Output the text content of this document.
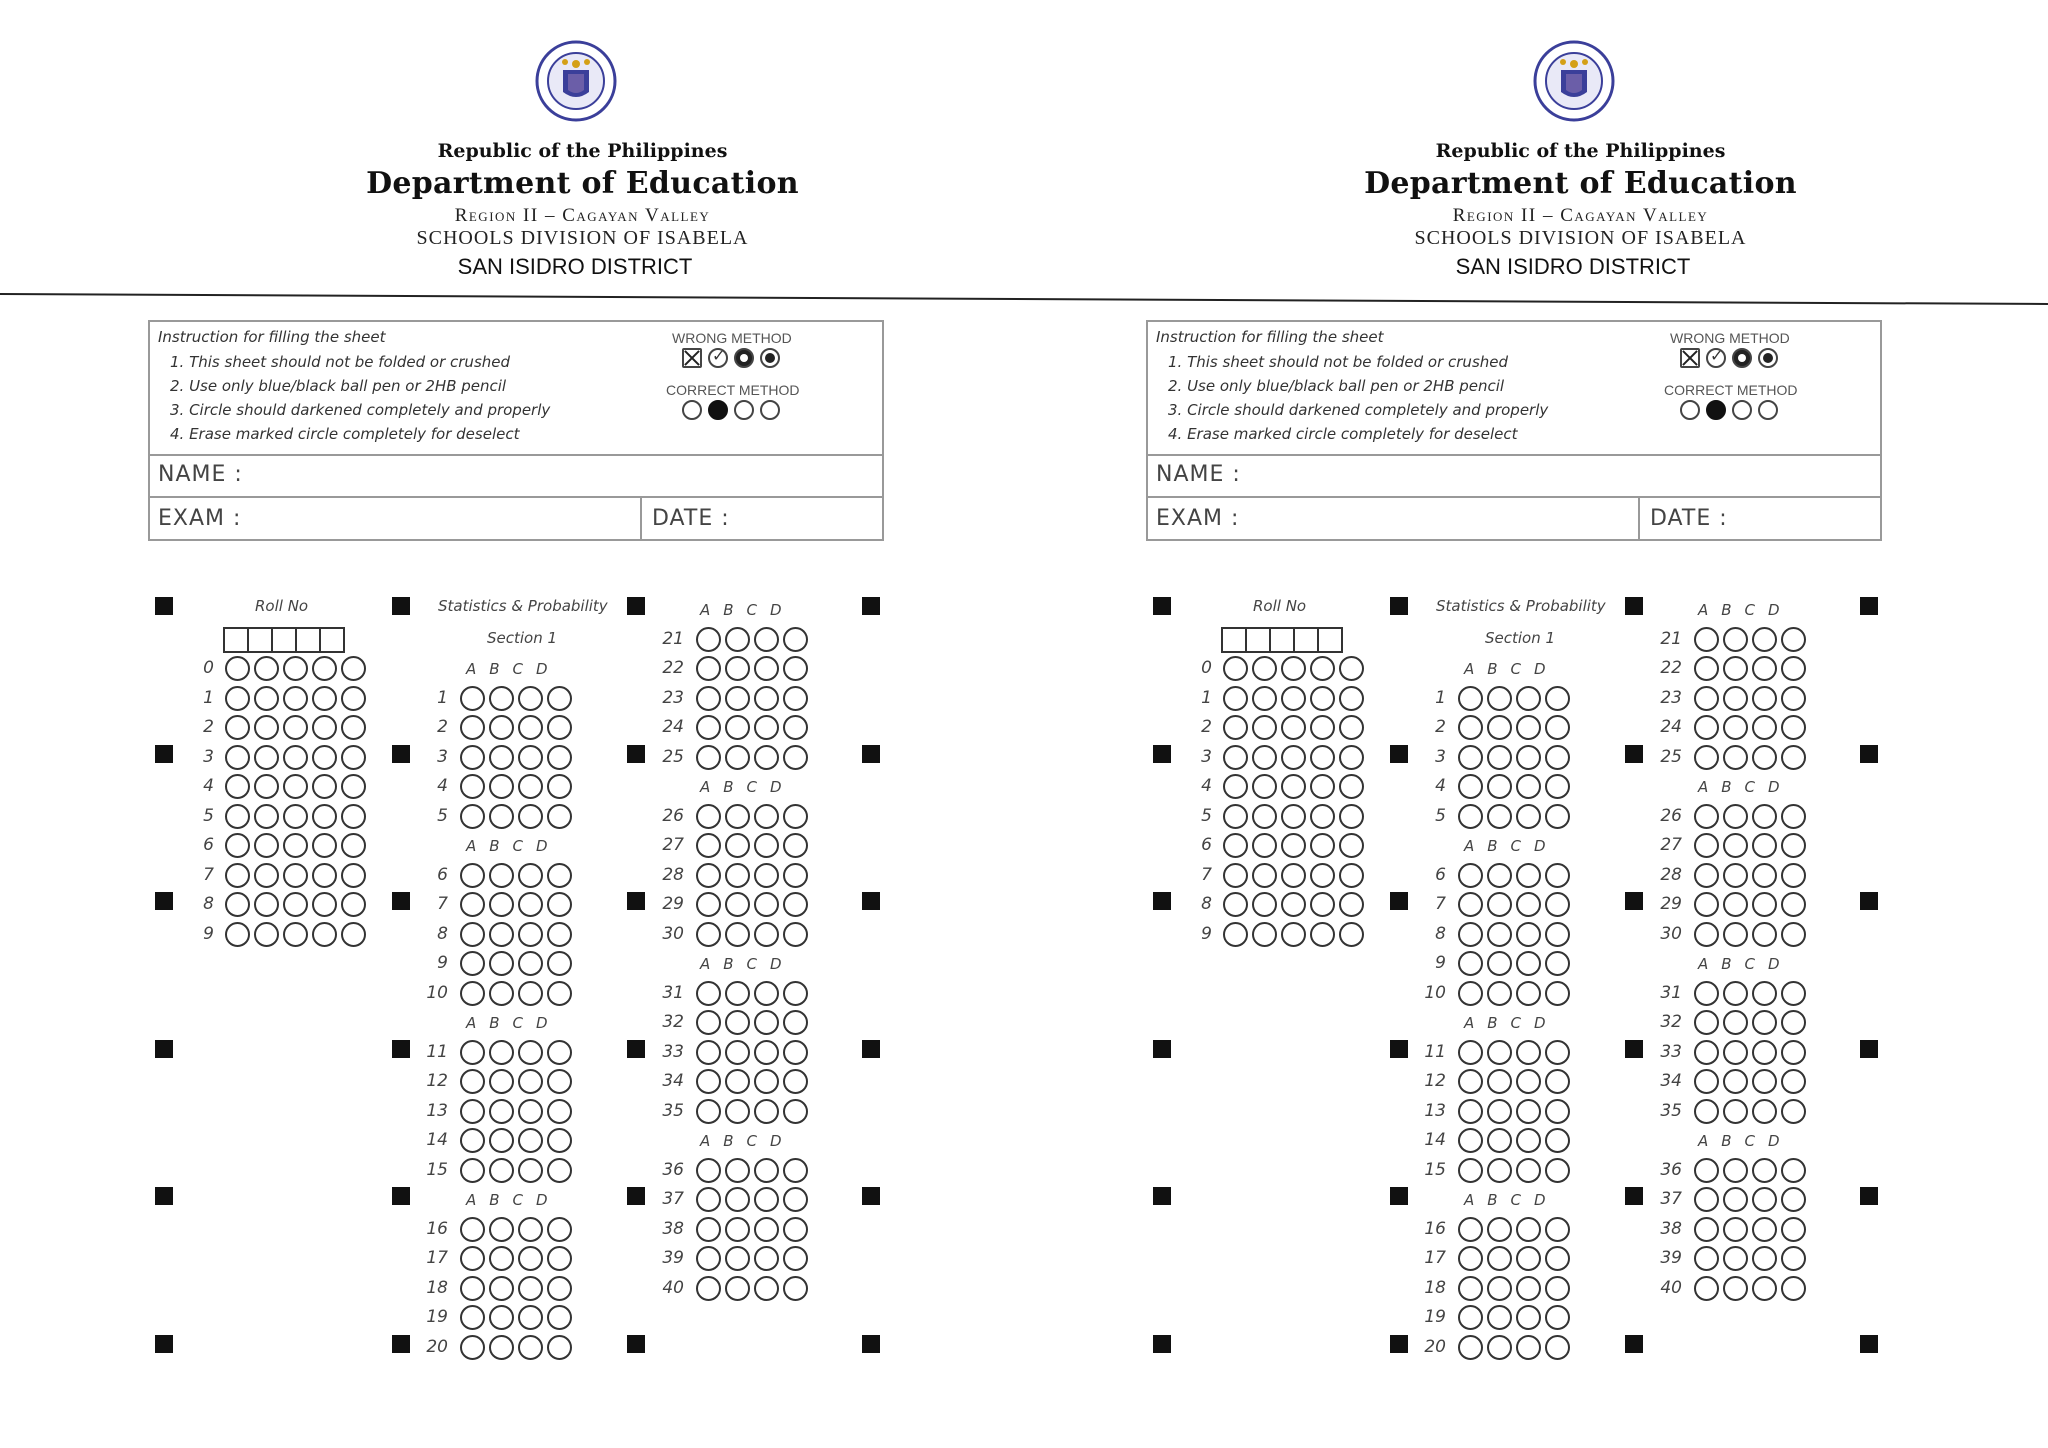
Republic of the Philippines
Department of Education
Region II – Cagayan Valley
SCHOOLS DIVISION OF ISABELA
SAN ISIDRO DISTRICT
Instruction for filling the sheet
1. This sheet should not be folded or crushed
2. Use only blue/black ball pen or 2HB pencil
3. Circle should darkened completely and properly
4. Erase marked circle completely for deselect
WRONG METHOD
✓
CORRECT METHOD
NAME :
EXAM :	DATE :
Roll No
0
1
2
3
4
5
6
7
8
9
Statistics & Probability
Section 1
ABCD
1
2
3
4
5
ABCD
6
7
8
9
10
ABCD
11
12
13
14
15
ABCD
16
17
18
19
20
ABCD
21
22
23
24
25
ABCD
26
27
28
29
30
ABCD
31
32
33
34
35
ABCD
36
37
38
39
40
Republic of the Philippines
Department of Education
Region II – Cagayan Valley
SCHOOLS DIVISION OF ISABELA
SAN ISIDRO DISTRICT
Instruction for filling the sheet
1. This sheet should not be folded or crushed
2. Use only blue/black ball pen or 2HB pencil
3. Circle should darkened completely and properly
4. Erase marked circle completely for deselect
WRONG METHOD
✓
CORRECT METHOD
NAME :
EXAM :	DATE :
Roll No
0
1
2
3
4
5
6
7
8
9
Statistics & Probability
Section 1
ABCD
1
2
3
4
5
ABCD
6
7
8
9
10
ABCD
11
12
13
14
15
ABCD
16
17
18
19
20
ABCD
21
22
23
24
25
ABCD
26
27
28
29
30
ABCD
31
32
33
34
35
ABCD
36
37
38
39
40
